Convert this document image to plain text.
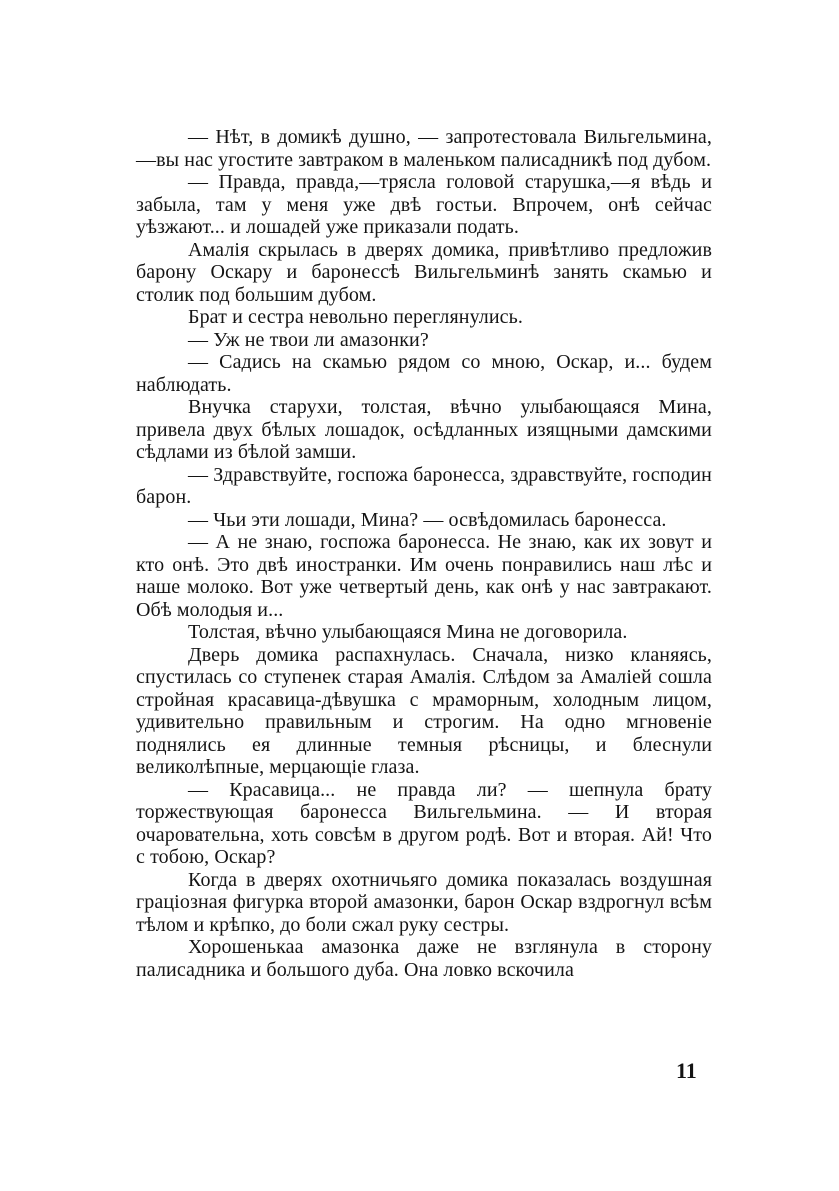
— Нѣт, в домикѣ душно, — запротестовала Вильгельмина,—вы нас угостите завтраком в маленьком палисадникѣ под дубом.

— Правда, правда,—трясла головой старушка,—я вѣдь и забыла, там у меня уже двѣ гостьи. Впрочем, онѣ сейчас уѣзжают... и лошадей уже приказали подать.

Амалія скрылась в дверях домика, привѣтливо предложив барону Оскару и баронессѣ Вильгельминѣ занять скамью и столик под большим дубом.

Брат и сестра невольно переглянулись.

— Уж не твои ли амазонки?

— Садись на скамью рядом со мною, Оскар, и... будем наблюдать.

Внучка старухи, толстая, вѣчно улыбающаяся Мина, привела двух бѣлых лошадок, осѣдланных изящными дамскими сѣдлами из бѣлой замши.

— Здравствуйте, госпожа баронесса, здравствуйте, господин барон.

— Чьи эти лошади, Мина? — освѣдомилась баронесса.

— А не знаю, госпожа баронесса. Не знаю, как их зовут и кто онѣ. Это двѣ иностранки. Им очень понравились наш лѣс и наше молоко. Вот уже четвертый день, как онѣ у нас завтракают. Обѣ молодыя и...

Толстая, вѣчно улыбающаяся Мина не договорила.

Дверь домика распахнулась. Сначала, низко кланяясь, спустилась со ступенек старая Амалія. Слѣдом за Амаліей сошла стройная красавица-дѣвушка с мраморным, холодным лицом, удивительно правильным и строгим. На одно мгновеніе поднялись ея длинные темныя рѣсницы, и блеснули великолѣпные, мерцающіе глаза.

— Красавица... не правда ли? — шепнула брату торжествующая баронесса Вильгельмина. — И вторая очаровательна, хоть совсѣм в другом родѣ. Вот и вторая. Ай! Что с тобою, Оскар?

Когда в дверях охотничьяго домика показалась воздушная граціозная фигурка второй амазонки, барон Оскар вздрогнул всѣм тѣлом и крѣпко, до боли сжал руку сестры.

Хорошенькаа амазонка даже не взглянула в сторону палисадника и большого дуба. Она ловко вскочила

11
